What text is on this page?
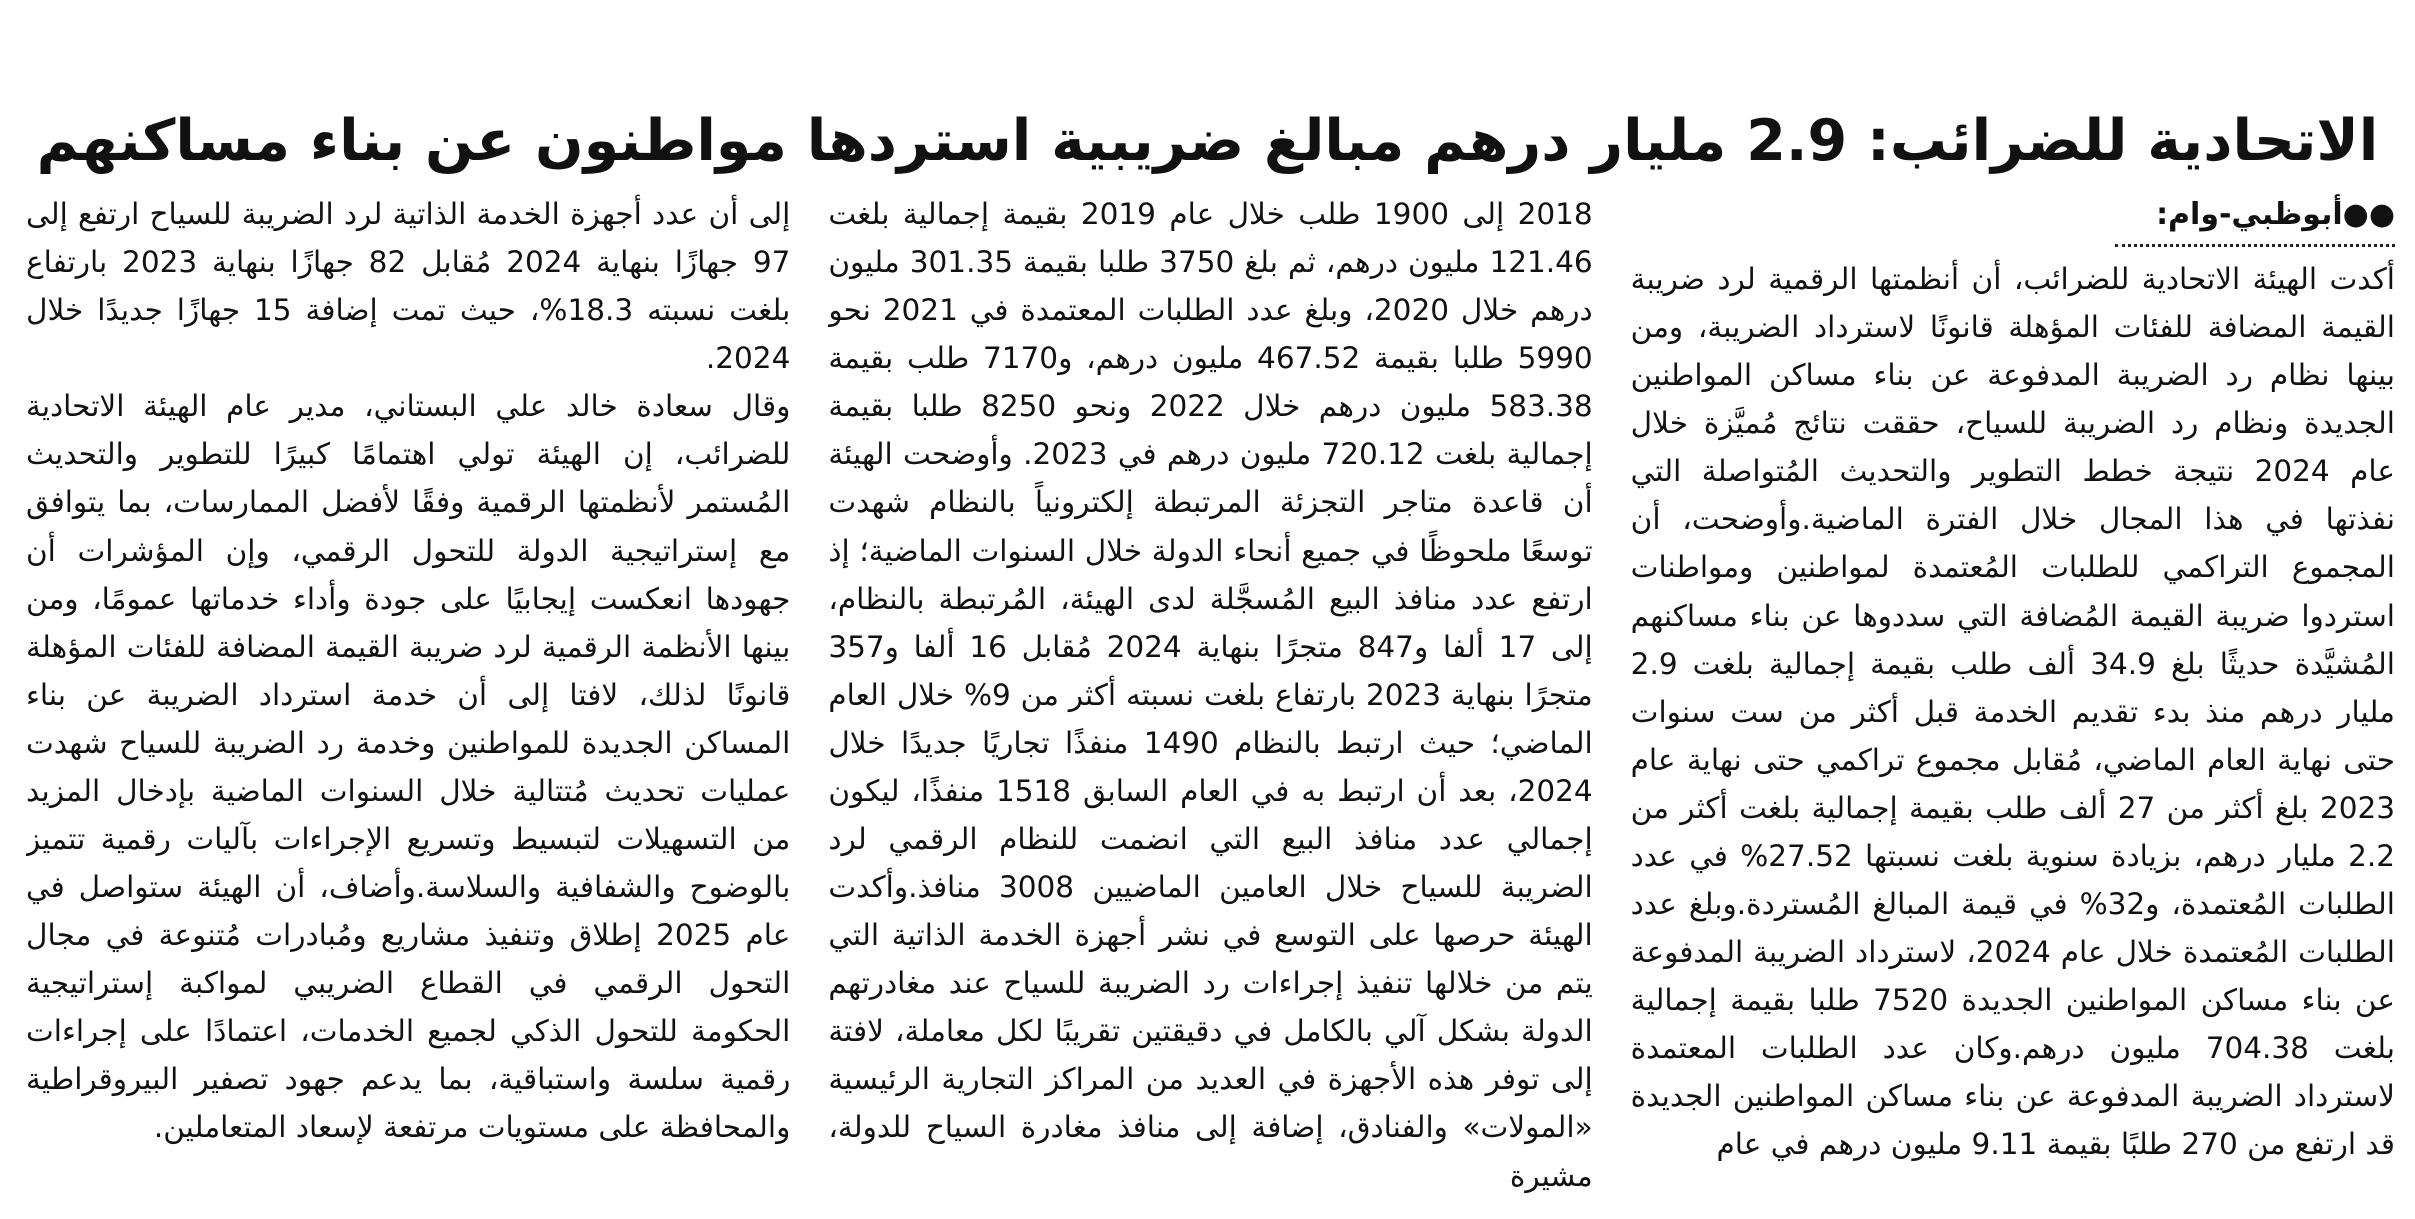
الاتحادية للضرائب: 2.9 مليار درهم مبالغ ضريبية استردها مواطنون عن بناء مساكنهم
●●أبوظبي-وام:

أكدت الهيئة الاتحادية للضرائب، أن أنظمتها الرقمية لرد ضريبة القيمة المضافة للفئات المؤهلة قانونًا لاسترداد الضريبة، ومن بينها نظام رد الضريبة المدفوعة عن بناء مساكن المواطنين الجديدة ونظام رد الضريبة للسياح، حققت نتائج مُميَّزة خلال عام 2024 نتيجة خطط التطوير والتحديث المُتواصلة التي نفذتها في هذا المجال خلال الفترة الماضية.وأوضحت، أن المجموع التراكمي للطلبات المُعتمدة لمواطنين ومواطنات استردوا ضريبة القيمة المُضافة التي سددوها عن بناء مساكنهم المُشيَّدة حديثًا بلغ 34.9 ألف طلب بقيمة إجمالية بلغت 2.9 مليار درهم منذ بدء تقديم الخدمة قبل أكثر من ست سنوات حتى نهاية العام الماضي، مُقابل مجموع تراكمي حتى نهاية عام 2023 بلغ أكثر من 27 ألف طلب بقيمة إجمالية بلغت أكثر من 2.2 مليار درهم، بزيادة سنوية بلغت نسبتها 27.52% في عدد الطلبات المُعتمدة، و32% في قيمة المبالغ المُستردة.وبلغ عدد الطلبات المُعتمدة خلال عام 2024، لاسترداد الضريبة المدفوعة عن بناء مساكن المواطنين الجديدة 7520 طلبا بقيمة إجمالية بلغت 704.38 مليون درهم.وكان عدد الطلبات المعتمدة لاسترداد الضريبة المدفوعة عن بناء مساكن المواطنين الجديدة قد ارتفع من 270 طلبًا بقيمة 9.11 مليون درهم في عام

2018 إلى 1900 طلب خلال عام 2019 بقيمة إجمالية بلغت 121.46 مليون درهم، ثم بلغ 3750 طلبا بقيمة 301.35 مليون درهم خلال 2020، وبلغ عدد الطلبات المعتمدة في 2021 نحو 5990 طلبا بقيمة 467.52 مليون درهم، و7170 طلب بقيمة 583.38 مليون درهم خلال 2022 ونحو 8250 طلبا بقيمة إجمالية بلغت 720.12 مليون درهم في 2023. وأوضحت الهيئة أن قاعدة متاجر التجزئة المرتبطة إلكترونياً بالنظام شهدت توسعًا ملحوظًا في جميع أنحاء الدولة خلال السنوات الماضية؛ إذ ارتفع عدد منافذ البيع المُسجَّلة لدى الهيئة، المُرتبطة بالنظام، إلى 17 ألفا و847 متجرًا بنهاية 2024 مُقابل 16 ألفا و357 متجرًا بنهاية 2023 بارتفاع بلغت نسبته أكثر من 9% خلال العام الماضي؛ حيث ارتبط بالنظام 1490 منفذًا تجاريًا جديدًا خلال 2024، بعد أن ارتبط به في العام السابق 1518 منفذًا، ليكون إجمالي عدد منافذ البيع التي انضمت للنظام الرقمي لرد الضريبة للسياح خلال العامين الماضيين 3008 منافذ.وأكدت الهيئة حرصها على التوسع في نشر أجهزة الخدمة الذاتية التي يتم من خلالها تنفيذ إجراءات رد الضريبة للسياح عند مغادرتهم الدولة بشكل آلي بالكامل في دقيقتين تقريبًا لكل معاملة، لافتة إلى توفر هذه الأجهزة في العديد من المراكز التجارية الرئيسية «المولات» والفنادق، إضافة إلى منافذ مغادرة السياح للدولة، مشيرة

إلى أن عدد أجهزة الخدمة الذاتية لرد الضريبة للسياح ارتفع إلى 97 جهازًا بنهاية 2024 مُقابل 82 جهازًا بنهاية 2023 بارتفاع بلغت نسبته 18.3%، حيث تمت إضافة 15 جهازًا جديدًا خلال 2024.

وقال سعادة خالد علي البستاني، مدير عام الهيئة الاتحادية للضرائب، إن الهيئة تولي اهتمامًا كبيرًا للتطوير والتحديث المُستمر لأنظمتها الرقمية وفقًا لأفضل الممارسات، بما يتوافق مع إستراتيجية الدولة للتحول الرقمي، وإن المؤشرات أن جهودها انعكست إيجابيًا على جودة وأداء خدماتها عمومًا، ومن بينها الأنظمة الرقمية لرد ضريبة القيمة المضافة للفئات المؤهلة قانونًا لذلك، لافتا إلى أن خدمة استرداد الضريبة عن بناء المساكن الجديدة للمواطنين وخدمة رد الضريبة للسياح شهدت عمليات تحديث مُتتالية خلال السنوات الماضية بإدخال المزيد من التسهيلات لتبسيط وتسريع الإجراءات بآليات رقمية تتميز بالوضوح والشفافية والسلاسة.وأضاف، أن الهيئة ستواصل في عام 2025 إطلاق وتنفيذ مشاريع ومُبادرات مُتنوعة في مجال التحول الرقمي في القطاع الضريبي لمواكبة إستراتيجية الحكومة للتحول الذكي لجميع الخدمات، اعتمادًا على إجراءات رقمية سلسة واستباقية، بما يدعم جهود تصفير البيروقراطية والمحافظة على مستويات مرتفعة لإسعاد المتعاملين.
